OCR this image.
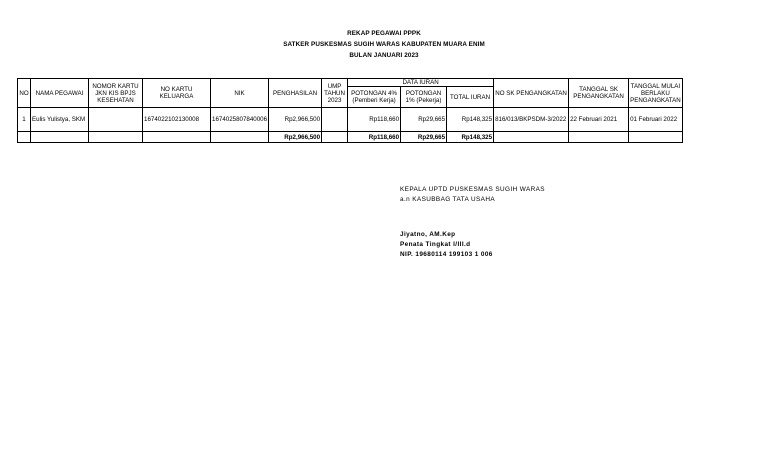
REKAP PEGAWAI PPPK
SATKER PUSKESMAS SUGIH WARAS KABUPATEN MUARA ENIM
BULAN JANUARI 2023
NO	NAMA PEGAWAI	NOMOR KARTU JKN KIS BPJS KESEHATAN	NO KARTU KELUARGA	NIK	PENGHASILAN	UMP TAHUN 2023	DATA IURAN			NO SK PENGANGKATAN	TANGGAL SK PENGANGKATAN	TANGGAL MULAI BERLAKU PENGANGKATAN
							POTONGAN 4% (Pemberi Kerja)	POTONGAN 1% (Pekerja)	TOTAL IURAN			
1	Eulis Yulistya, SKM		1674022102130008	1674025807840006	Rp2,966,500		Rp118,660	Rp29,665	Rp148,325	816/013/BKPSDM-3/2022	22 Februari 2021	01 Februari 2022
					Rp2,966,500		Rp118,660	Rp29,665	Rp148,325			
KEPALA UPTD PUSKESMAS SUGIH WARAS
a.n KASUBBAG TATA USAHA
Jiyatno, AM.Kep
Penata Tingkat I/III.d
NIP. 19680114 199103 1 006
